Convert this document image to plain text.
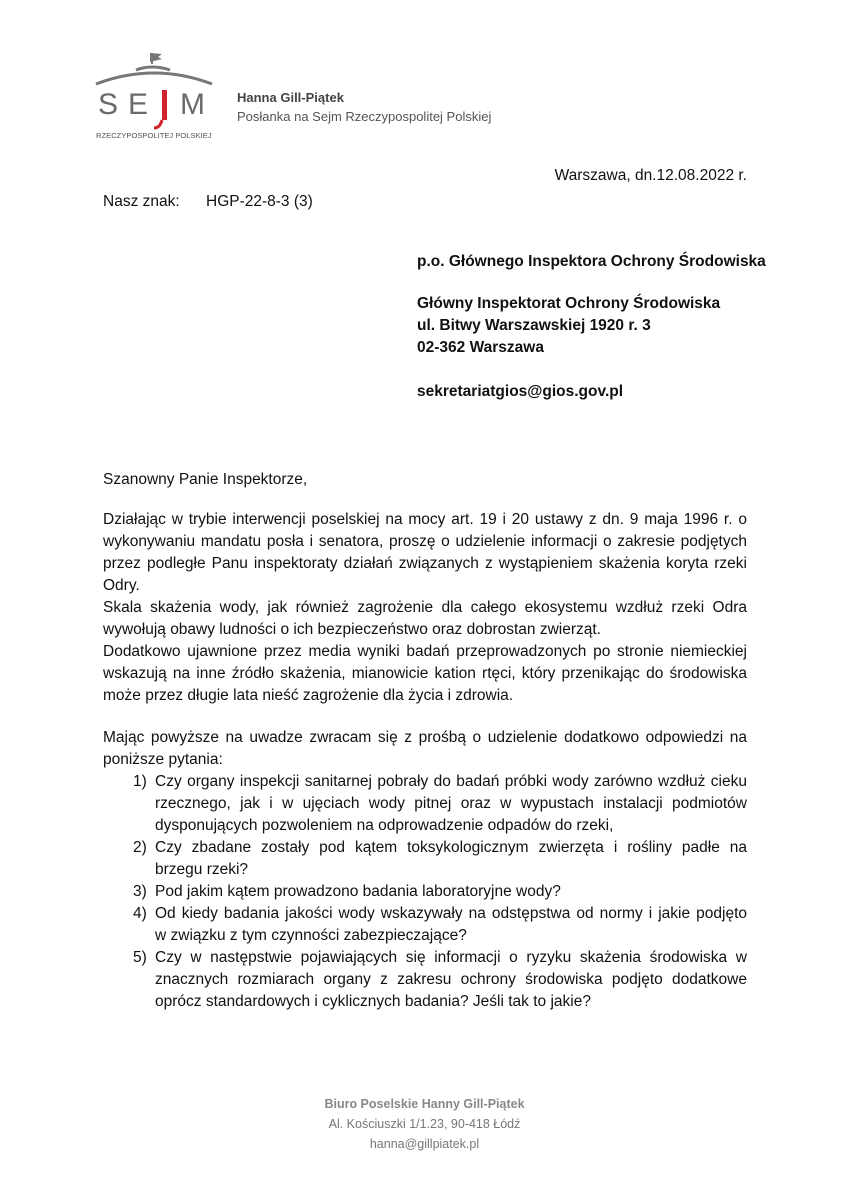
S E M
RZECZYPOSPOLITEJ POLSKIEJ
Hanna Gill-Piątek
Posłanka na Sejm Rzeczypospolitej Polskiej
Warszawa, dn.12.08.2022 r.
Nasz znak: HGP-22-8-3 (3)
p.o. Głównego Inspektora Ochrony Środowiska
Główny Inspektorat Ochrony Środowiska
ul. Bitwy Warszawskiej 1920 r. 3
02-362 Warszawa
sekretariatgios@gios.gov.pl
Szanowny Panie Inspektorze,
Działając w trybie interwencji poselskiej na mocy art. 19 i 20 ustawy z dn. 9 maja 1996 r. o
wykonywaniu mandatu posła i senatora, proszę o udzielenie informacji o zakresie podjętych
przez podległe Panu inspektoraty działań związanych z wystąpieniem skażenia koryta rzeki
Odry.
Skala skażenia wody, jak również zagrożenie dla całego ekosystemu wzdłuż rzeki Odra
wywołują obawy ludności o ich bezpieczeństwo oraz dobrostan zwierząt.
Dodatkowo ujawnione przez media wyniki badań przeprowadzonych po stronie niemieckiej
wskazują na inne źródło skażenia, mianowicie kation rtęci, który przenikając do środowiska
może przez długie lata nieść zagrożenie dla życia i zdrowia.
Mając powyższe na uwadze zwracam się z prośbą o udzielenie dodatkowo odpowiedzi na
poniższe pytania:
1) Czy organy inspekcji sanitarnej pobrały do badań próbki wody zarówno wzdłuż cieku
rzecznego, jak i w ujęciach wody pitnej oraz w wypustach instalacji podmiotów
dysponujących pozwoleniem na odprowadzenie odpadów do rzeki,
2) Czy zbadane zostały pod kątem toksykologicznym zwierzęta i rośliny padłe na
brzegu rzeki?
3) Pod jakim kątem prowadzono badania laboratoryjne wody?
4) Od kiedy badania jakości wody wskazywały na odstępstwa od normy i jakie podjęto
w związku z tym czynności zabezpieczające?
5) Czy w następstwie pojawiających się informacji o ryzyku skażenia środowiska w
znacznych rozmiarach organy z zakresu ochrony środowiska podjęto dodatkowe
oprócz standardowych i cyklicznych badania? Jeśli tak to jakie?
Biuro Poselskie Hanny Gill-Piątek
Al. Kościuszki 1/1.23, 90-418 Łódź
hanna@gillpiatek.pl
